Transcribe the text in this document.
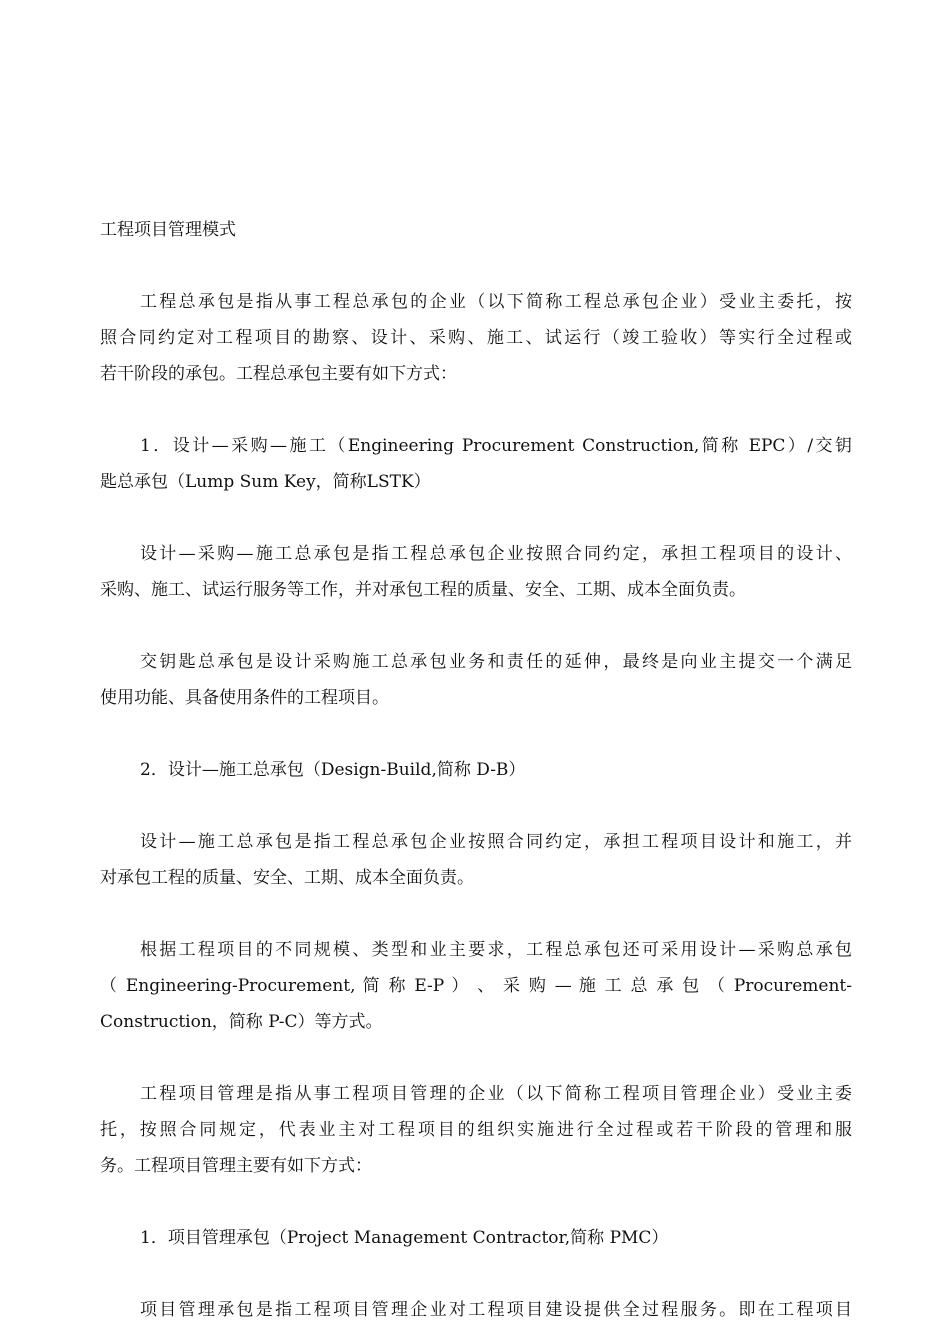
工程项目管理模式
工程总承包是指从事工程总承包的企业（以下简称工程总承包企业）受业主委托，按
照合同约定对工程项目的勘察、设计、采购、施工、试运行（竣工验收）等实行全过程或
若干阶段的承包。工程总承包主要有如下方式：
1．设计—采购—施工（Engineering Procurement Construction,简称 EPC）/交钥
匙总承包（Lump Sum Key，简称LSTK）
设计—采购—施工总承包是指工程总承包企业按照合同约定，承担工程项目的设计、
采购、施工、试运行服务等工作，并对承包工程的质量、安全、工期、成本全面负责。
交钥匙总承包是设计采购施工总承包业务和责任的延伸，最终是向业主提交一个满足
使用功能、具备使用条件的工程项目。
2．设计—施工总承包（Design-Build,简称 D-B）
设计—施工总承包是指工程总承包企业按照合同约定，承担工程项目设计和施工，并
对承包工程的质量、安全、工期、成本全面负责。
根据工程项目的不同规模、类型和业主要求，工程总承包还可采用设计—采购总承包
（ Engineering-Procurement, 简 称 E-P ） 、 采 购 — 施 工 总 承 包 （ Procurement-
Construction，简称 P-C）等方式。
工程项目管理是指从事工程项目管理的企业（以下简称工程项目管理企业）受业主委
托，按照合同规定，代表业主对工程项目的组织实施进行全过程或若干阶段的管理和服
务。工程项目管理主要有如下方式：
1．项目管理承包（Project Management Contractor,简称 PMC）
项目管理承包是指工程项目管理企业对工程项目建设提供全过程服务。即在工程项目
